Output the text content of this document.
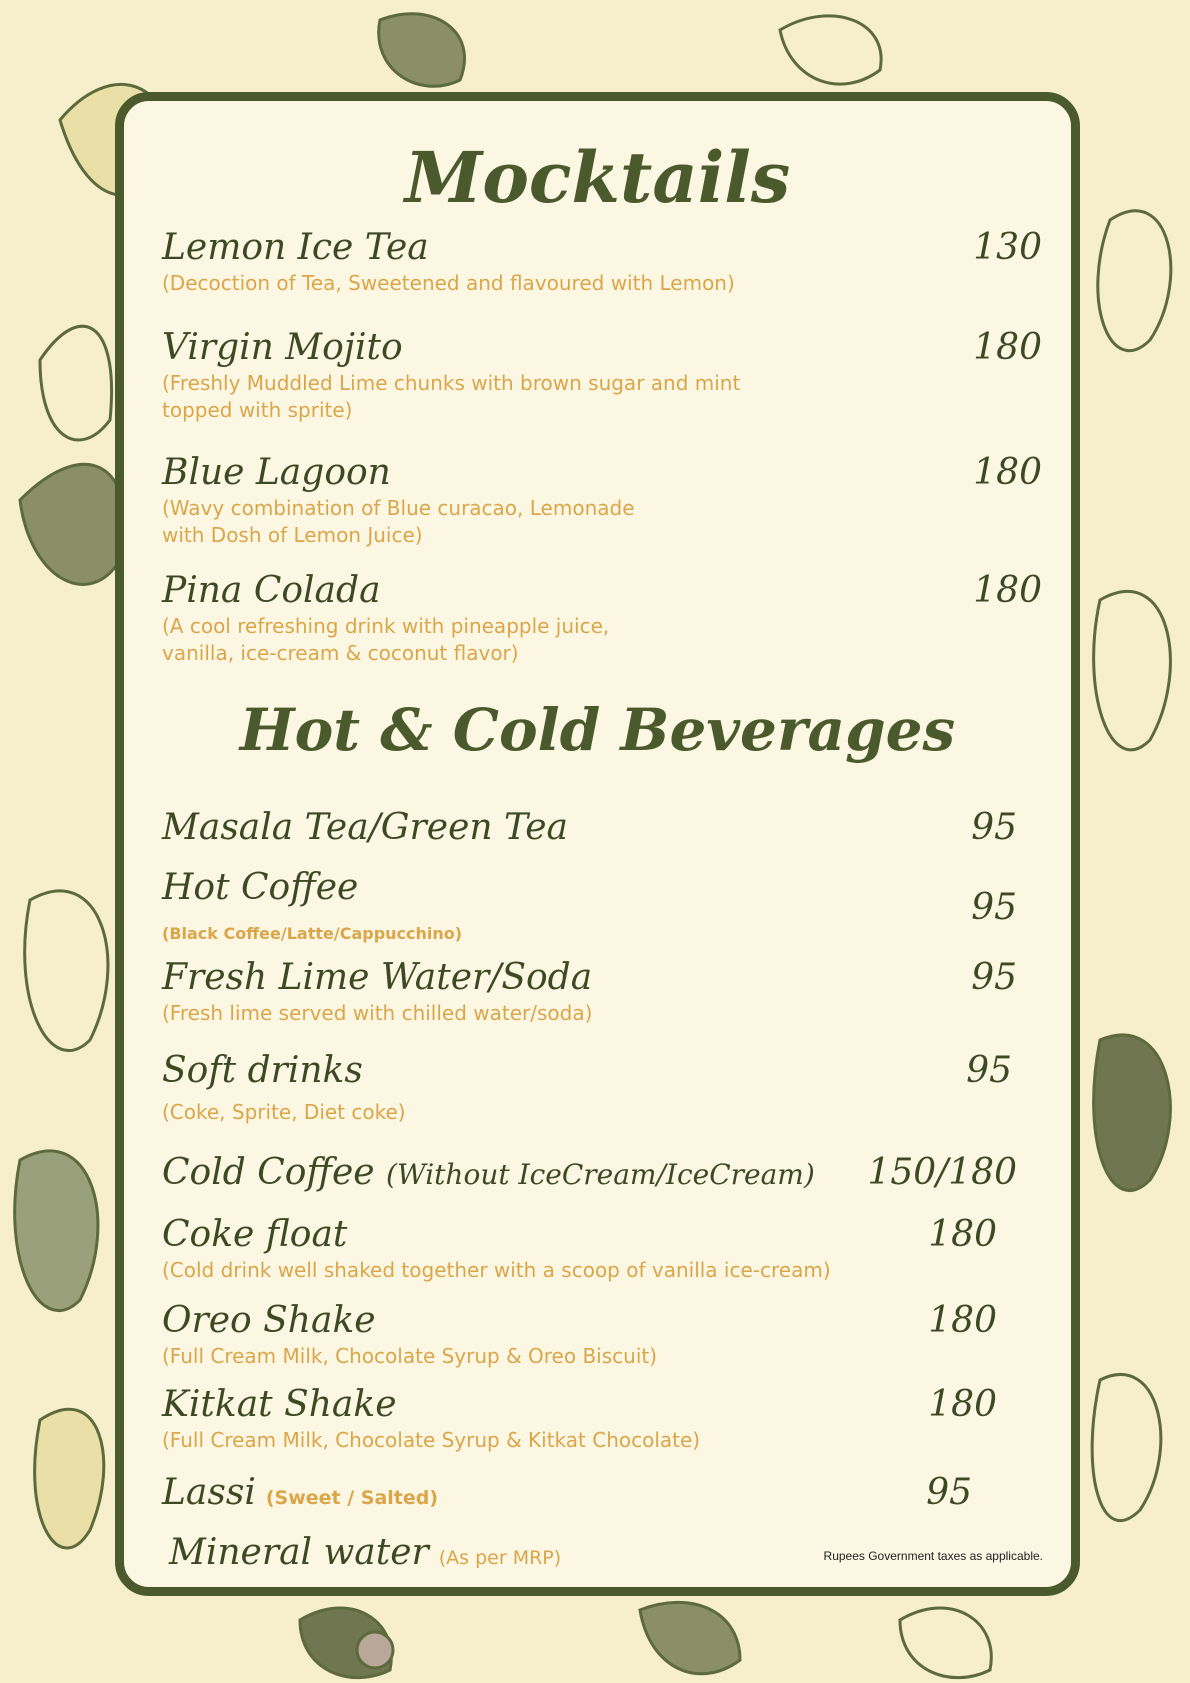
Mocktails
Lemon Ice Tea	130
(Decoction of Tea, Sweetened and flavoured with Lemon)
Virgin Mojito	180
(Freshly Muddled Lime chunks with brown sugar and mint topped with sprite)
Blue Lagoon	180
(Wavy combination of Blue curacao, Lemonade with Dosh of Lemon Juice)
Pina Colada	180
(A cool refreshing drink with pineapple juice, vanilla, ice-cream & coconut flavor)
Hot & Cold Beverages
Masala Tea/Green Tea	95
Hot Coffee	95
(Black Coffee/Latte/Cappucchino)
Fresh Lime Water/Soda	95
(Fresh lime served with chilled water/soda)
Soft drinks	95
(Coke, Sprite, Diet coke)
Cold Coffee (Without IceCream/IceCream)	150/180
Coke float	180
(Cold drink well shaked together with a scoop of vanilla ice-cream)
Oreo Shake	180
(Full Cream Milk, Chocolate Syrup & Oreo Biscuit)
Kitkat Shake	180
(Full Cream Milk, Chocolate Syrup & Kitkat Chocolate)
Lassi (Sweet / Salted)	95
Mineral water (As per MRP)	Rupees Government taxes as applicable.
